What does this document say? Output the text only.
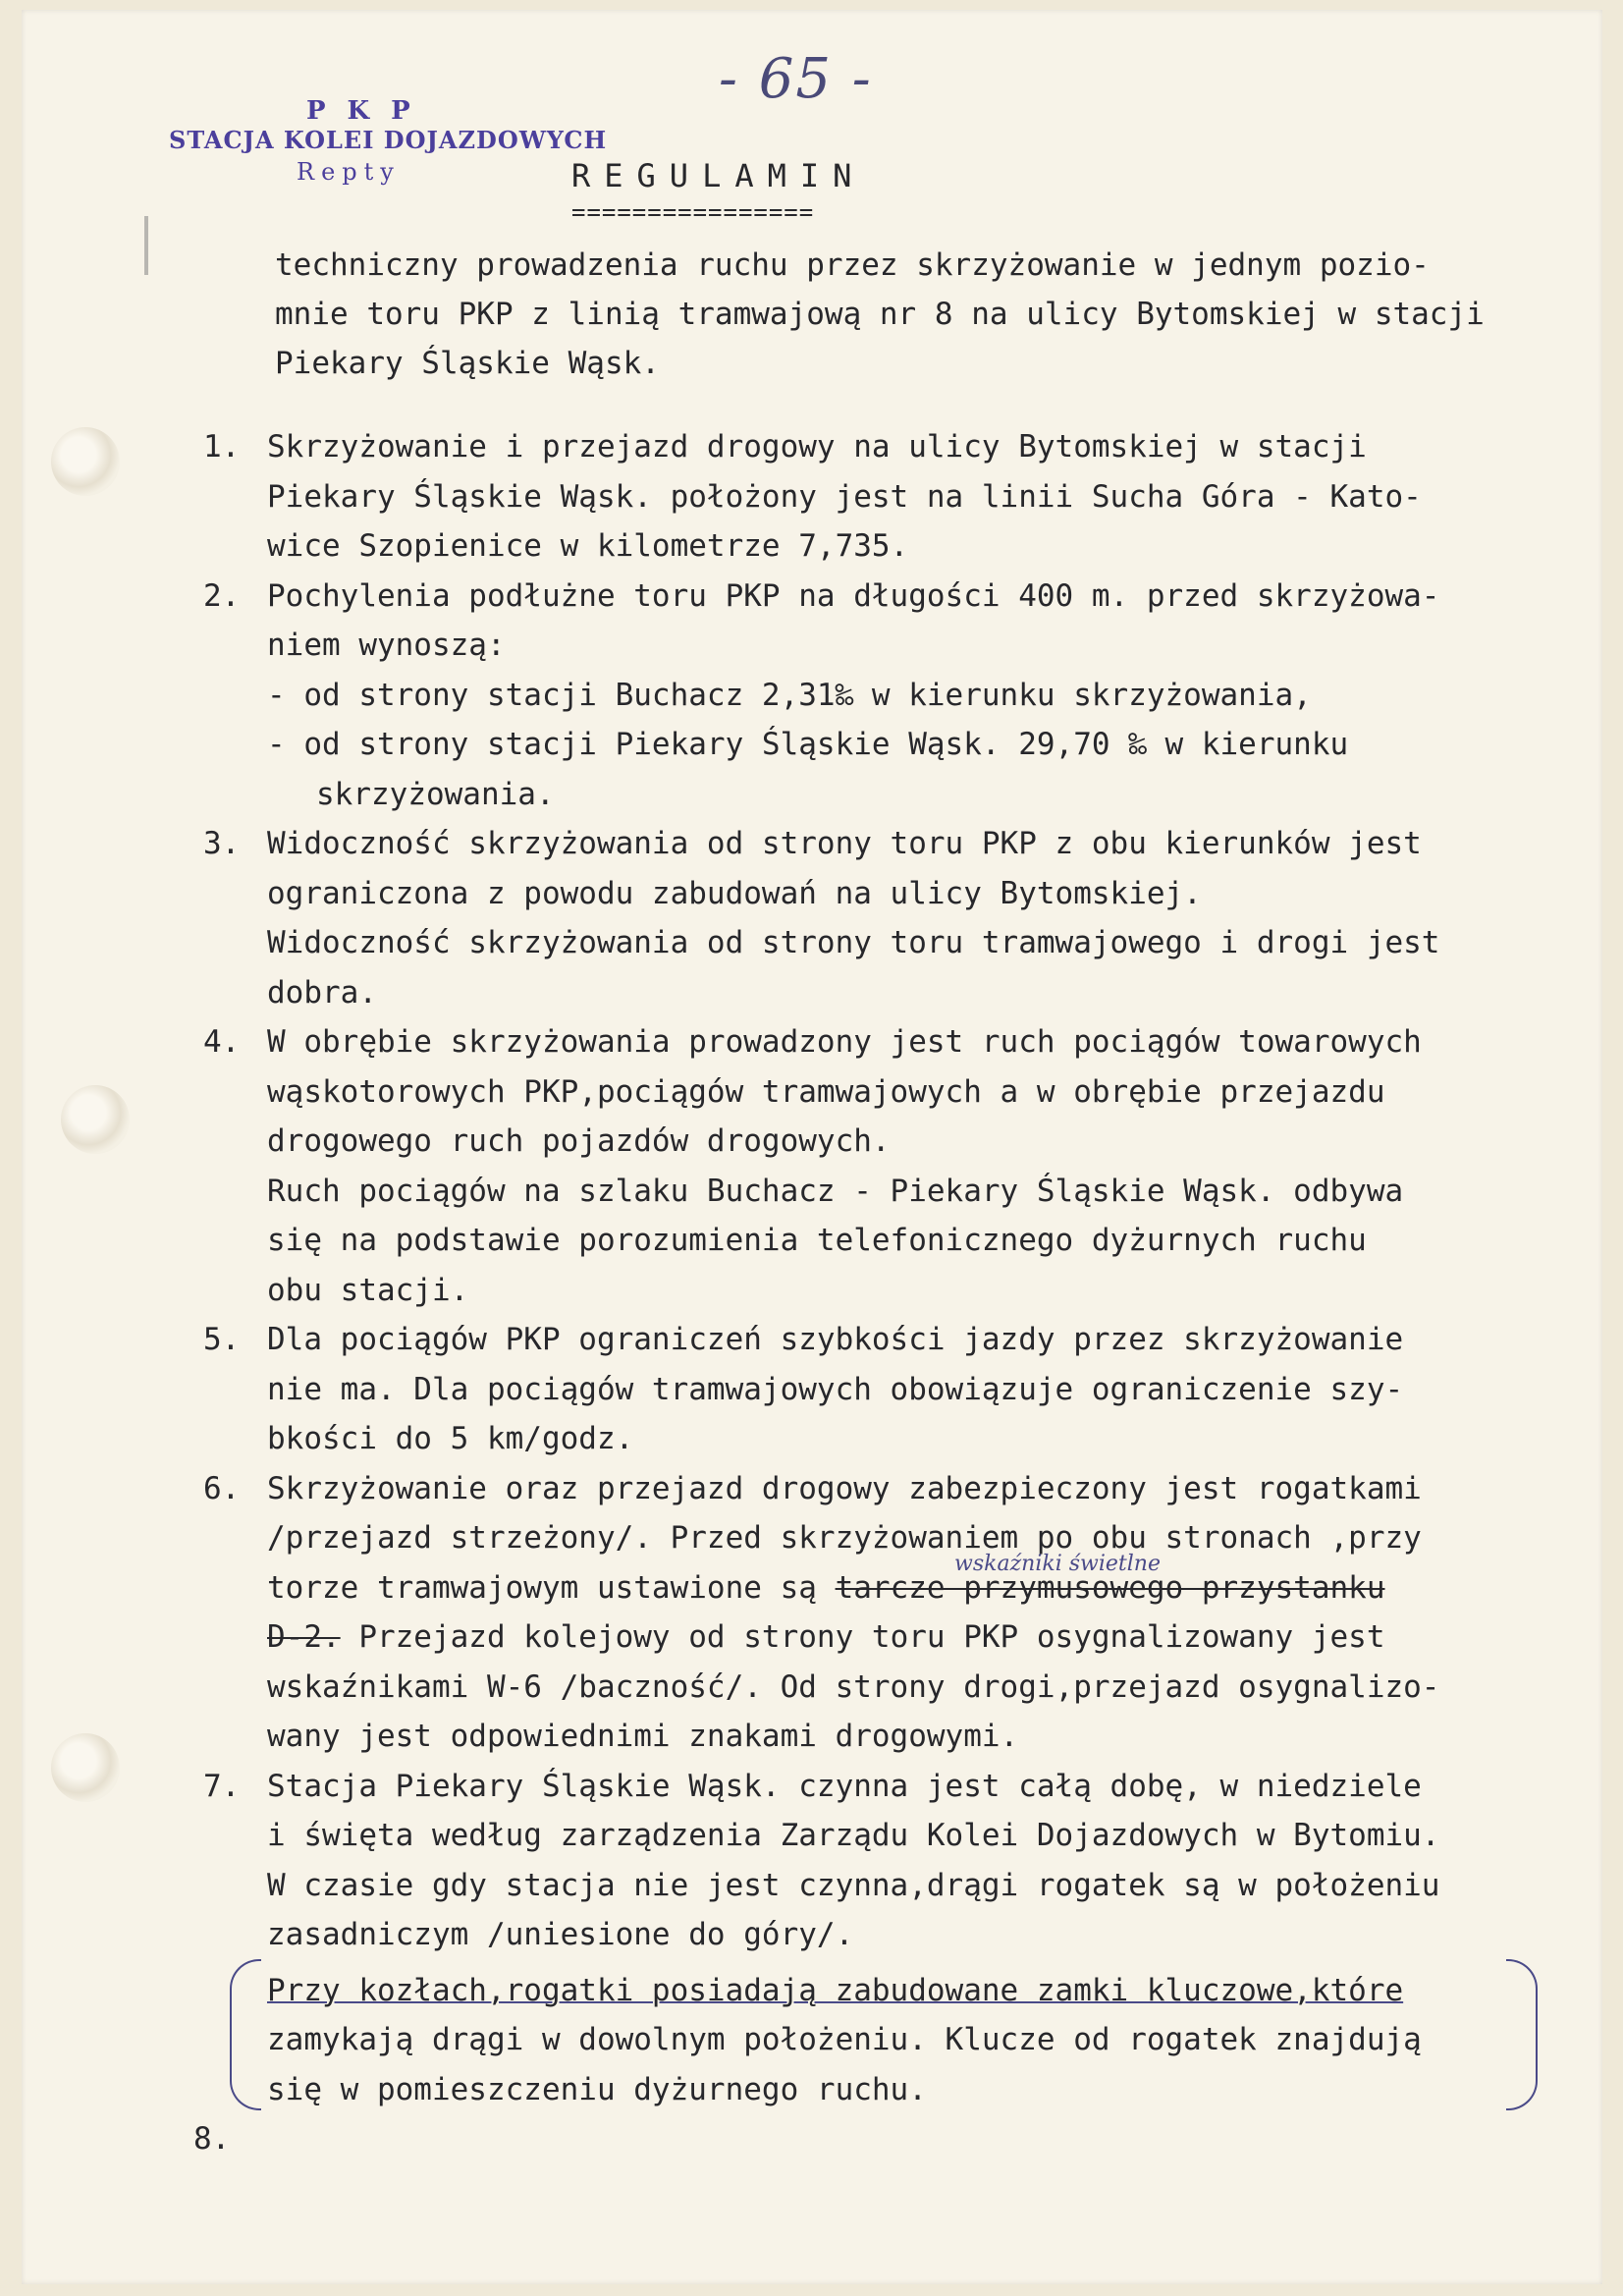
- 65 -
PKP
STACJA KOLEI DOJAZDOWYCH
Repty	REGULAMIN
================
techniczny prowadzenia ruchu przez skrzyżowanie w jednym pozio-
mnie toru PKP z linią tramwajową nr 8 na ulicy Bytomskiej w stacji
Piekary Śląskie Wąsk.
1. Skrzyżowanie i przejazd drogowy na ulicy Bytomskiej w stacji
Piekary Śląskie Wąsk. położony jest na linii Sucha Góra - Kato-
wice Szopienice w kilometrze 7,735.
2. Pochylenia podłużne toru PKP na długości 400 m. przed skrzyżowa-
niem wynoszą:
- od strony stacji Buchacz 2,31‰ w kierunku skrzyżowania,
- od strony stacji Piekary Śląskie Wąsk. 29,70 ‰ w kierunku
skrzyżowania.
3. Widoczność skrzyżowania od strony toru PKP z obu kierunków jest
ograniczona z powodu zabudowań na ulicy Bytomskiej.
Widoczność skrzyżowania od strony toru tramwajowego i drogi jest
dobra.
4. W obrębie skrzyżowania prowadzony jest ruch pociągów towarowych
wąskotorowych PKP,pociągów tramwajowych a w obrębie przejazdu
drogowego ruch pojazdów drogowych.
Ruch pociągów na szlaku Buchacz - Piekary Śląskie Wąsk. odbywa
się na podstawie porozumienia telefonicznego dyżurnych ruchu
obu stacji.
5. Dla pociągów PKP ograniczeń szybkości jazdy przez skrzyżowanie
nie ma. Dla pociągów tramwajowych obowiązuje ograniczenie szy-
bkości do 5 km/godz.
6. Skrzyżowanie oraz przejazd drogowy zabezpieczony jest rogatkami
/przejazd strzeżony/. Przed skrzyżowaniem po obu stronach ,przy
torze tramwajowym ustawione są tarcze przymusowego przystanku
wskaźniki świetlne
D-2. Przejazd kolejowy od strony toru PKP osygnalizowany jest
wskaźnikami W-6 /baczność/. Od strony drogi,przejazd osygnalizo-
wany jest odpowiednimi znakami drogowymi.
7. Stacja Piekary Śląskie Wąsk. czynna jest całą dobę, w niedziele
i święta według zarządzenia Zarządu Kolei Dojazdowych w Bytomiu.
W czasie gdy stacja nie jest czynna,drągi rogatek są w położeniu
zasadniczym /uniesione do góry/.
Przy kozłach,rogatki posiadają zabudowane zamki kluczowe,które
zamykają drągi w dowolnym położeniu. Klucze od rogatek znajdują
się w pomieszczeniu dyżurnego ruchu.
8.
